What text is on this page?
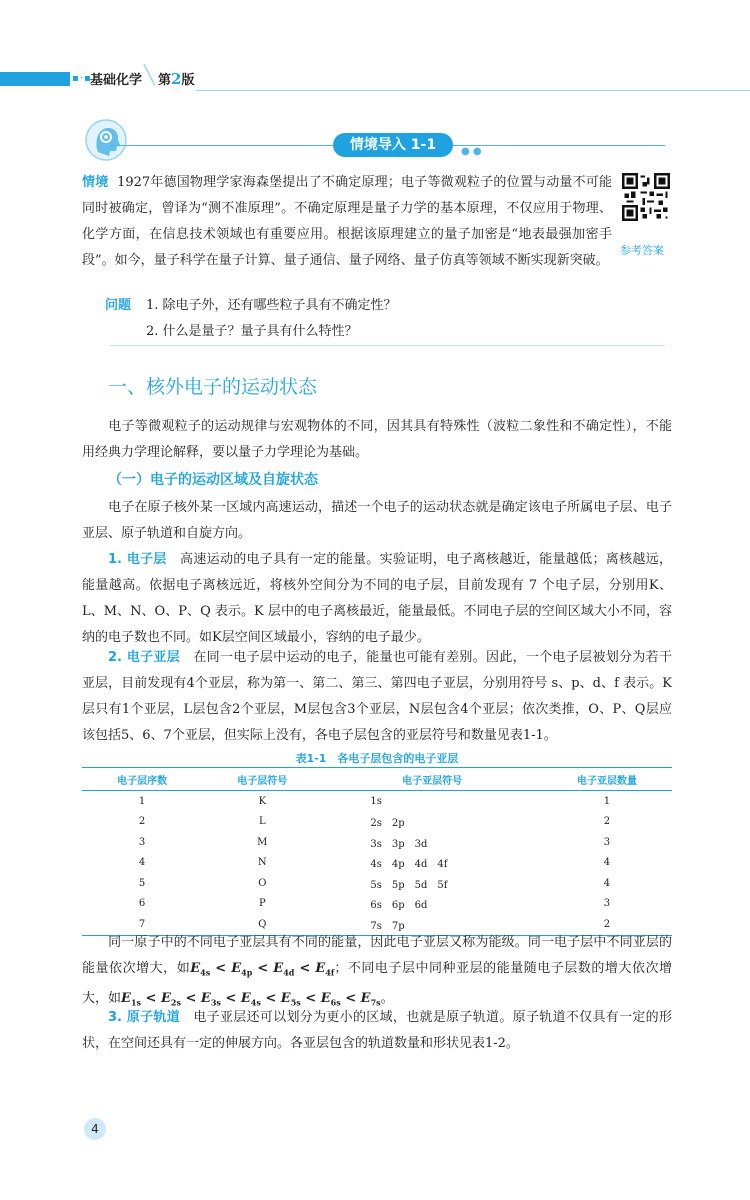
▪·▪
基础化学 ╲ 第2版
情境导入 1-1	● ●
情境 1927年德国物理学家海森堡提出了不确定原理；电子等微观粒子的位置与动量不可能同时被确定，曾译为“测不准原理”。不确定原理是量子力学的基本原理，不仅应用于物理、化学方面，在信息技术领域也有重要应用。根据该原理建立的量子加密是“地表最强加密手段”。如今，量子科学在量子计算、量子通信、量子网络、量子仿真等领域不断实现新突破。
参考答案
问题 1. 除电子外，还有哪些粒子具有不确定性？
2. 什么是量子？量子具有什么特性？
一、核外电子的运动状态
  电子等微观粒子的运动规律与宏观物体的不同，因其具有特殊性（波粒二象性和不确定性），不能用经典力学理论解释，要以量子力学理论为基础。
（一）电子的运动区域及自旋状态
  电子在原子核外某一区域内高速运动，描述一个电子的运动状态就是确定该电子所属电子层、电子亚层、原子轨道和自旋方向。
  1. 电子层  高速运动的电子具有一定的能量。实验证明，电子离核越近，能量越低；离核越远，能量越高。依据电子离核远近，将核外空间分为不同的电子层，目前发现有 7 个电子层，分别用K、L、M、N、O、P、Q 表示。K 层中的电子离核最近，能量最低。不同电子层的空间区域大小不同，容纳的电子数也不同。如K层空间区域最小，容纳的电子最少。
  2. 电子亚层  在同一电子层中运动的电子，能量也可能有差别。因此，一个电子层被划分为若干亚层，目前发现有4个亚层，称为第一、第二、第三、第四电子亚层，分别用符号 s、p、d、f 表示。K层只有1个亚层，L层包含2个亚层，M层包含3个亚层，N层包含4个亚层；依次类推，O、P、Q层应该包括5、6、7个亚层，但实际上没有，各电子层包含的亚层符号和数量见表1-1。
表1-1　各电子层包含的电子亚层
电子层序数	电子层符号	电子亚层符号	电子亚层数量
1	K	1s	1
2	L	2s　2p	2
3	M	3s　3p　3d	3
4	N	4s　4p　4d　4f	4
5	O	5s　5p　5d　5f	4
6	P	6s　6p　6d	3
7	Q	7s　7p	2
  同一原子中的不同电子亚层具有不同的能量，因此电子亚层又称为能级。同一电子层中不同亚层的能量依次增大，如$E_{4s} < E_{4p} < E_{4d} < E_{4f}$；不同电子层中同种亚层的能量随电子层数的增大依次增大，如$E_{1s} < E_{2s} < E_{3s} < E_{4s} < E_{5s} < E_{6s} < E_{7s}$。
  3. 原子轨道  电子亚层还可以划分为更小的区域，也就是原子轨道。原子轨道不仅具有一定的形状，在空间还具有一定的伸展方向。各亚层包含的轨道数量和形状见表1-2。
4
